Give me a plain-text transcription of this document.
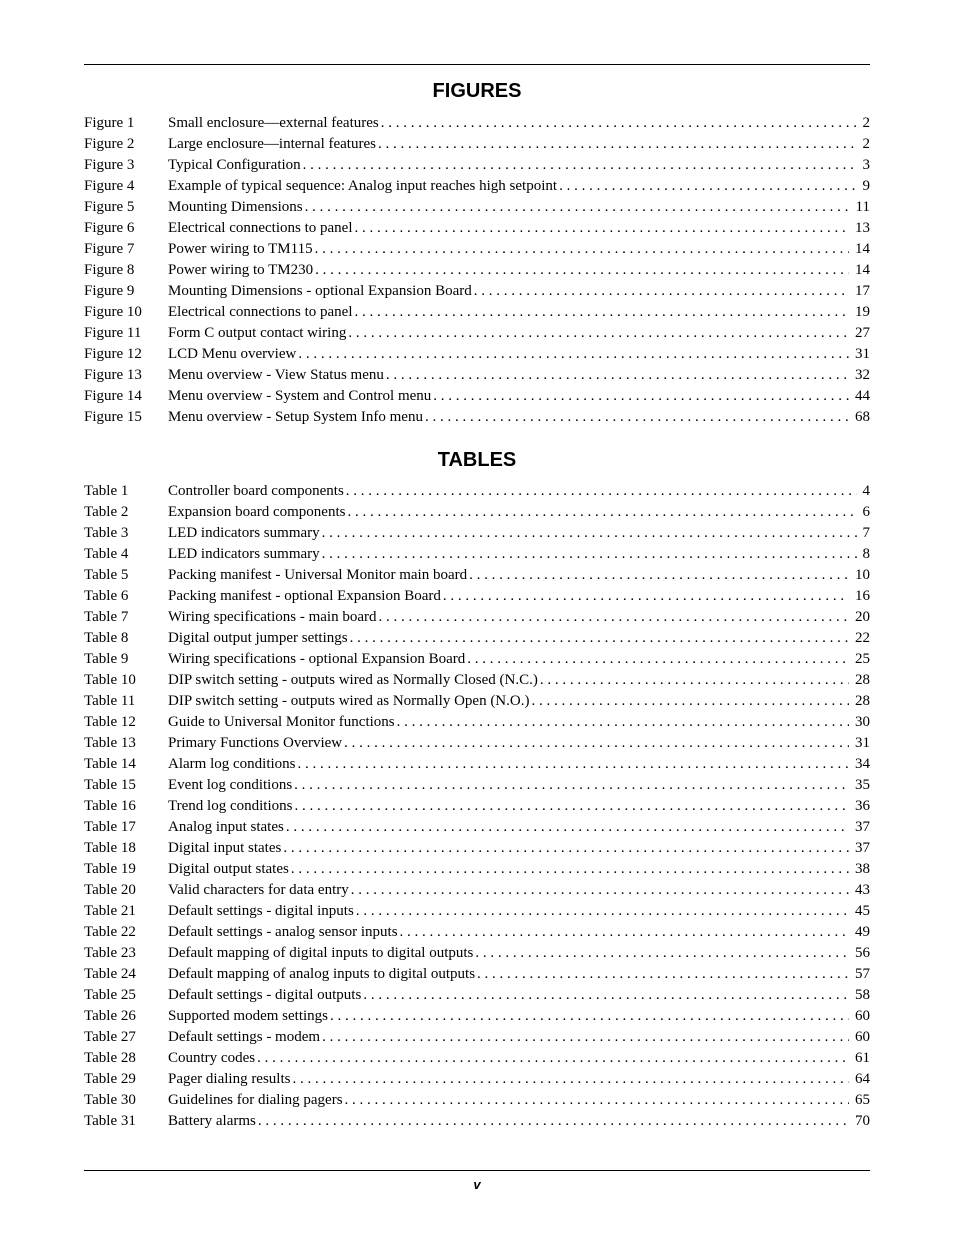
FIGURES
Figure 1	Small enclosure—external features . . .	2
Figure 2	Large enclosure—internal features . . .	2
Figure 3	Typical Configuration . . .	3
Figure 4	Example of typical sequence: Analog input reaches high setpoint . . .	9
Figure 5	Mounting Dimensions . . .	11
Figure 6	Electrical connections to panel . . .	13
Figure 7	Power wiring to TM115 . . .	14
Figure 8	Power wiring to TM230 . . .	14
Figure 9	Mounting Dimensions - optional Expansion Board . . .	17
Figure 10	Electrical connections to panel . . .	19
Figure 11	Form C output contact wiring . . .	27
Figure 12	LCD Menu overview . . .	31
Figure 13	Menu overview - View Status menu . . .	32
Figure 14	Menu overview - System and Control menu . . .	44
Figure 15	Menu overview - Setup System Info menu . . .	68
TABLES
Table 1	Controller board components . . .	4
Table 2	Expansion board components . . .	6
Table 3	LED indicators summary . . .	7
Table 4	LED indicators summary . . .	8
Table 5	Packing manifest - Universal Monitor main board . . .	10
Table 6	Packing manifest - optional Expansion Board . . .	16
Table 7	Wiring specifications - main board . . .	20
Table 8	Digital output jumper settings . . .	22
Table 9	Wiring specifications - optional Expansion Board . . .	25
Table 10	DIP switch setting - outputs wired as Normally Closed (N.C.) . . .	28
Table 11	DIP switch setting - outputs wired as Normally Open (N.O.) . . .	28
Table 12	Guide to Universal Monitor functions . . .	30
Table 13	Primary Functions Overview . . .	31
Table 14	Alarm log conditions . . .	34
Table 15	Event log conditions . . .	35
Table 16	Trend log conditions . . .	36
Table 17	Analog input states . . .	37
Table 18	Digital input states . . .	37
Table 19	Digital output states . . .	38
Table 20	Valid characters for data entry . . .	43
Table 21	Default settings - digital inputs . . .	45
Table 22	Default settings - analog sensor inputs . . .	49
Table 23	Default mapping of digital inputs to digital outputs . . .	56
Table 24	Default mapping of analog inputs to digital outputs . . .	57
Table 25	Default settings - digital outputs . . .	58
Table 26	Supported modem settings . . .	60
Table 27	Default settings - modem . . .	60
Table 28	Country codes . . .	61
Table 29	Pager dialing results . . .	64
Table 30	Guidelines for dialing pagers . . .	65
Table 31	Battery alarms . . .	70
v
